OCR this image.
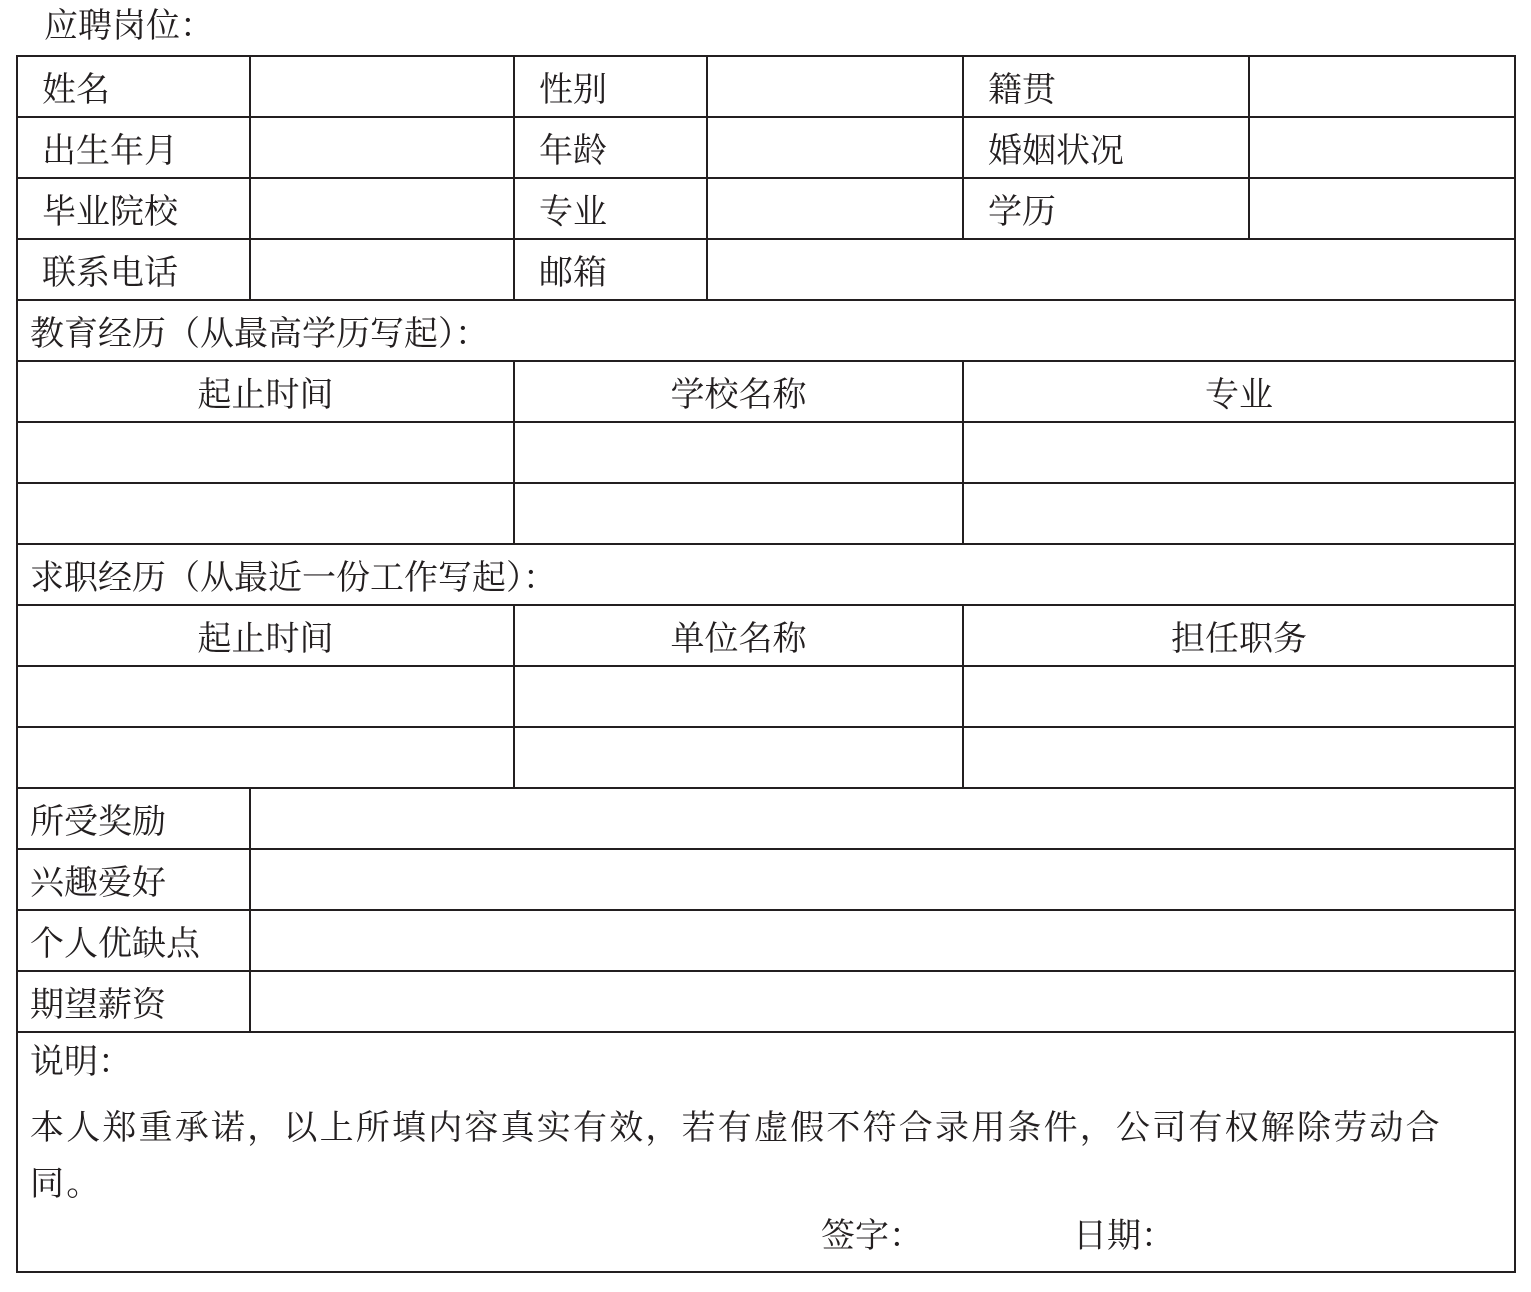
应聘岗位：
姓名	性别	籍贯
出生年月	年龄	婚姻状况
毕业院校	专业	学历
联系电话	邮箱
教育经历（从最高学历写起）：
起止时间	学校名称	专业
求职经历（从最近一份工作写起）：
起止时间	单位名称	担任职务
所受奖励
兴趣爱好
个人优缺点
期望薪资
说明：
本人郑重承诺，以上所填内容真实有效，若有虚假不符合录用条件，公司有权解除劳动合同。
签字：	日期：
